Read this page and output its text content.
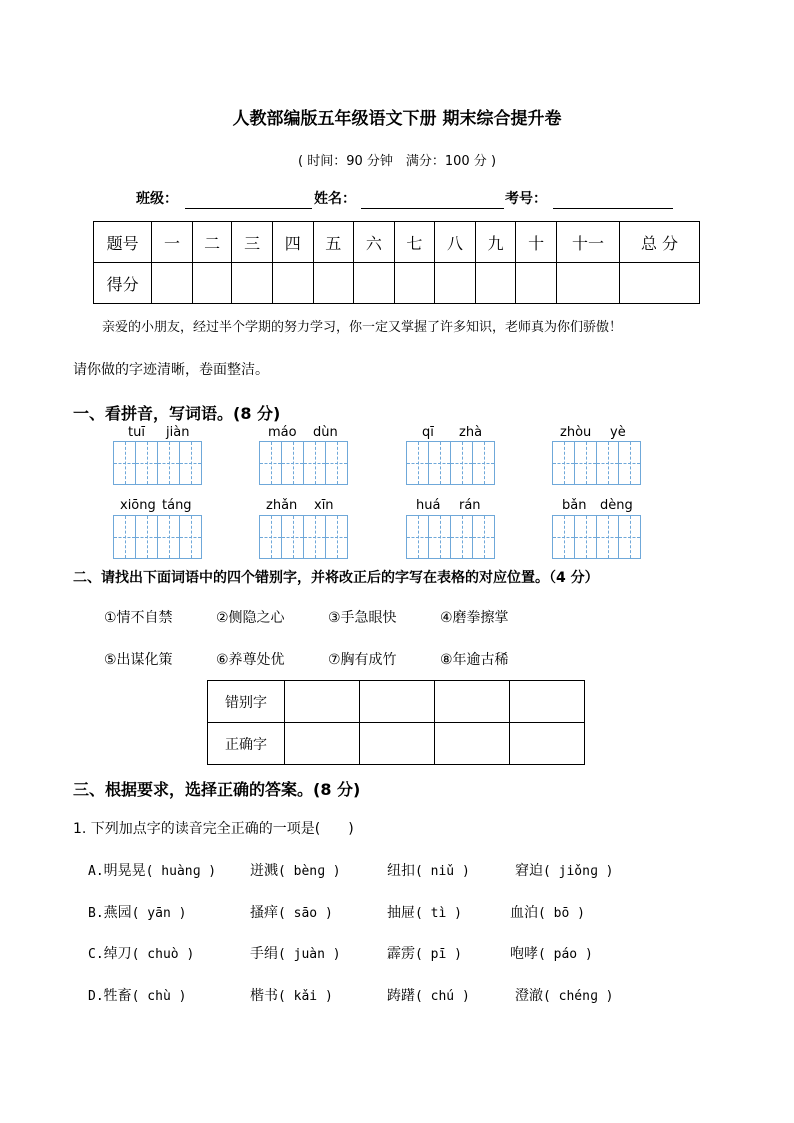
人教部编版五年级语文下册 期末综合提升卷
( 时间：90 分钟　满分：100 分 )
班级：	姓名：	考号：
题号	一	二	三	四	五	六	七	八	九	十	十一	总 分
得分												
亲爱的小朋友，经过半个学期的努力学习，你一定又掌握了许多知识，老师真为你们骄傲！
请你做的字迹清晰，卷面整洁。
一、看拼音，写词语。(8 分)
tuī jiàn	máo dùn	qī zhà	zhòu yè
xiōng táng	zhǎn xīn	huá rán	bǎn dèng
二、请找出下面词语中的四个错别字，并将改正后的字写在表格的对应位置。（4 分）
①情不自禁	②侧隐之心	③手急眼快	④磨拳擦掌
⑤出谋化策	⑥养尊处优	⑦胸有成竹	⑧年逾古稀
错别字				
正确字				
三、根据要求，选择正确的答案。(8 分)
1. 下列加点字的读音完全正确的一项是(　　)
A.明晃晃( huànɡ ) 迸溅( bènɡ )	纽扣( niǔ )	窘迫( jiǒnɡ )
B.燕园( yān )	搔痒( sāo )	抽屉( tì )	血泊( bō )
C.绰刀( chuò )	手绢( juàn )	霹雳( pī )	咆哮( páo )
D.牲畜( chù )	楷书( kǎi )	踌躇( chú )	澄澈( chénɡ )
